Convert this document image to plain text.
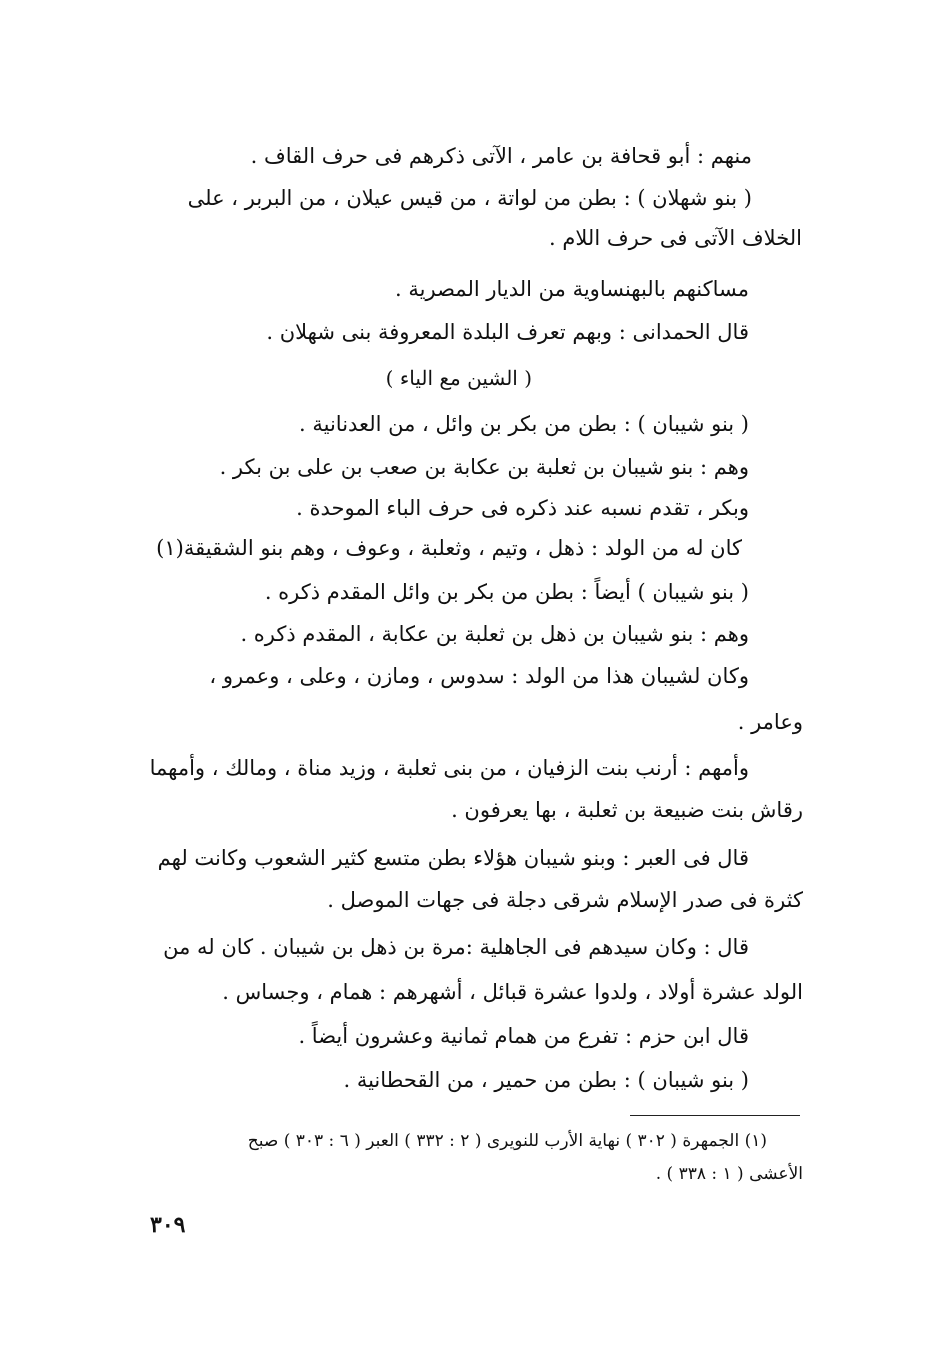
منهم : أبو قحافة بن عامر ، الآتى ذكرهم فى حرف القاف .
( بنو شهلان ) : بطن من لواتة ، من قيس عيلان ، من البربر ، على
الخلاف الآتى فى حرف اللام .
مساكنهم بالبهنساوية من الديار المصرية .
قال الحمدانى : وبهم تعرف البلدة المعروفة بنى شهلان .
( الشين مع الياء )
( بنو شيبان ) : بطن من بكر بن وائل ، من العدنانية .
وهم : بنو شيبان بن ثعلبة بن عكابة بن صعب بن على بن بكر .
وبكر ، تقدم نسبه عند ذكره فى حرف الباء الموحدة .
كان له من الولد : ذهل ، وتيم ، وثعلبة ، وعوف ، وهم بنو الشقيقة(١)
( بنو شيبان ) أيضاً : بطن من بكر بن وائل المقدم ذكره .
وهم : بنو شيبان بن ذهل بن ثعلبة بن عكابة ، المقدم ذكره .
وكان لشيبان هذا من الولد : سدوس ، ومازن ، وعلى ، وعمرو ،
وعامر .
وأمهم : أرنب بنت الزفيان ، من بنى ثعلبة ، وزيد مناة ، ومالك ، وأمهما
رقاش بنت ضبيعة بن ثعلبة ، بها يعرفون .
قال فى العبر : وبنو شيبان هؤلاء بطن متسع كثير الشعوب وكانت لهم
كثرة فى صدر الإسلام شرقى دجلة فى جهات الموصل .
قال : وكان سيدهم فى الجاهلية :مرة بن ذهل بن شيبان . كان له من
الولد عشرة أولاد ، ولدوا عشرة قبائل ، أشهرهم : همام ، وجساس .
قال ابن حزم : تفرع من همام ثمانية وعشرون أيضاً .
( بنو شيبان ) : بطن من حمير ، من القحطانية .
(١) الجمهرة ( ٣٠٢ ) نهاية الأرب للنويرى ( ٢ : ٣٣٢ ) العبر ( ٦ : ٣٠٣ ) صبح
الأعشى ( ١ : ٣٣٨ ) .
٣٠٩
